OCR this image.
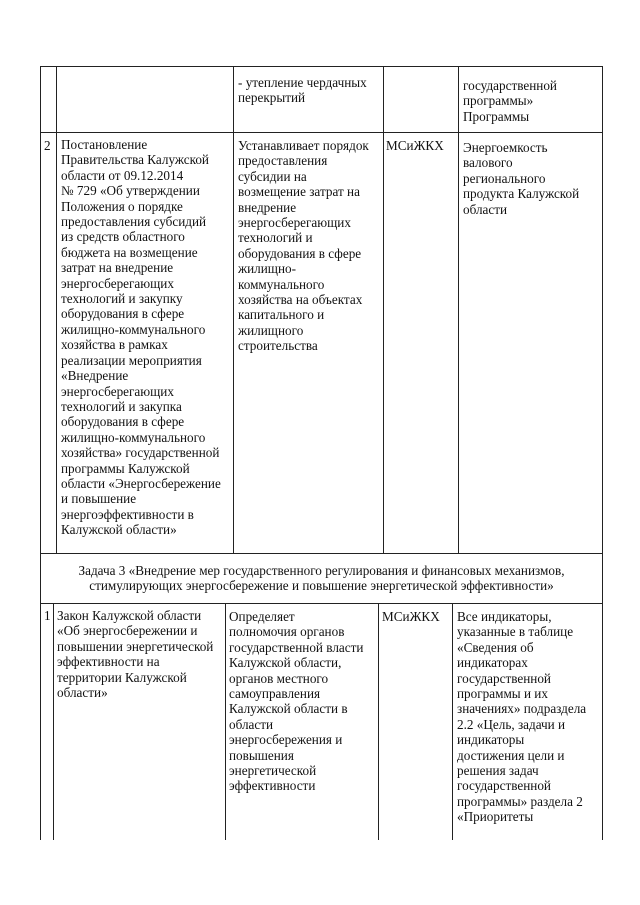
- утепление чердачных
перекрытий
государственной
программы»
Программы
2 Постановление
Правительства Калужской
области от 09.12.2014
№ 729 «Об утверждении
Положения о порядке
предоставления субсидий
из средств областного
бюджета на возмещение
затрат на внедрение
энергосберегающих
технологий и закупку
оборудования в сфере
жилищно-коммунального
хозяйства в рамках
реализации мероприятия
«Внедрение
энергосберегающих
технологий и закупка
оборудования в сфере
жилищно-коммунального
хозяйства» государственной
программы Калужской
области «Энергосбережение
и повышение
энергоэффективности в
Калужской области»
Устанавливает порядок
предоставления
субсидии на
возмещение затрат на
внедрение
энергосберегающих
технологий и
оборудования в сфере
жилищно-
коммунального
хозяйства на объектах
капитального и
жилищного
строительства
МСиЖКХ	Энергоемкость
валового
регионального
продукта Калужской
области
Задача 3 «Внедрение мер государственного регулирования и финансовых механизмов,
стимулирующих энергосбережение и повышение энергетической эффективности»
1 Закон Калужской области
«Об энергосбережении и
повышении энергетической
эффективности на
территории Калужской
области»
Определяет
полномочия органов
государственной власти
Калужской области,
органов местного
самоуправления
Калужской области в
области
энергосбережения и
повышения
энергетической
эффективности
МСиЖКХ	Все индикаторы,
указанные в таблице
«Сведения об
индикаторах
государственной
программы и их
значениях» подраздела
2.2 «Цель, задачи и
индикаторы
достижения цели и
решения задач
государственной
программы» раздела 2
«Приоритеты
